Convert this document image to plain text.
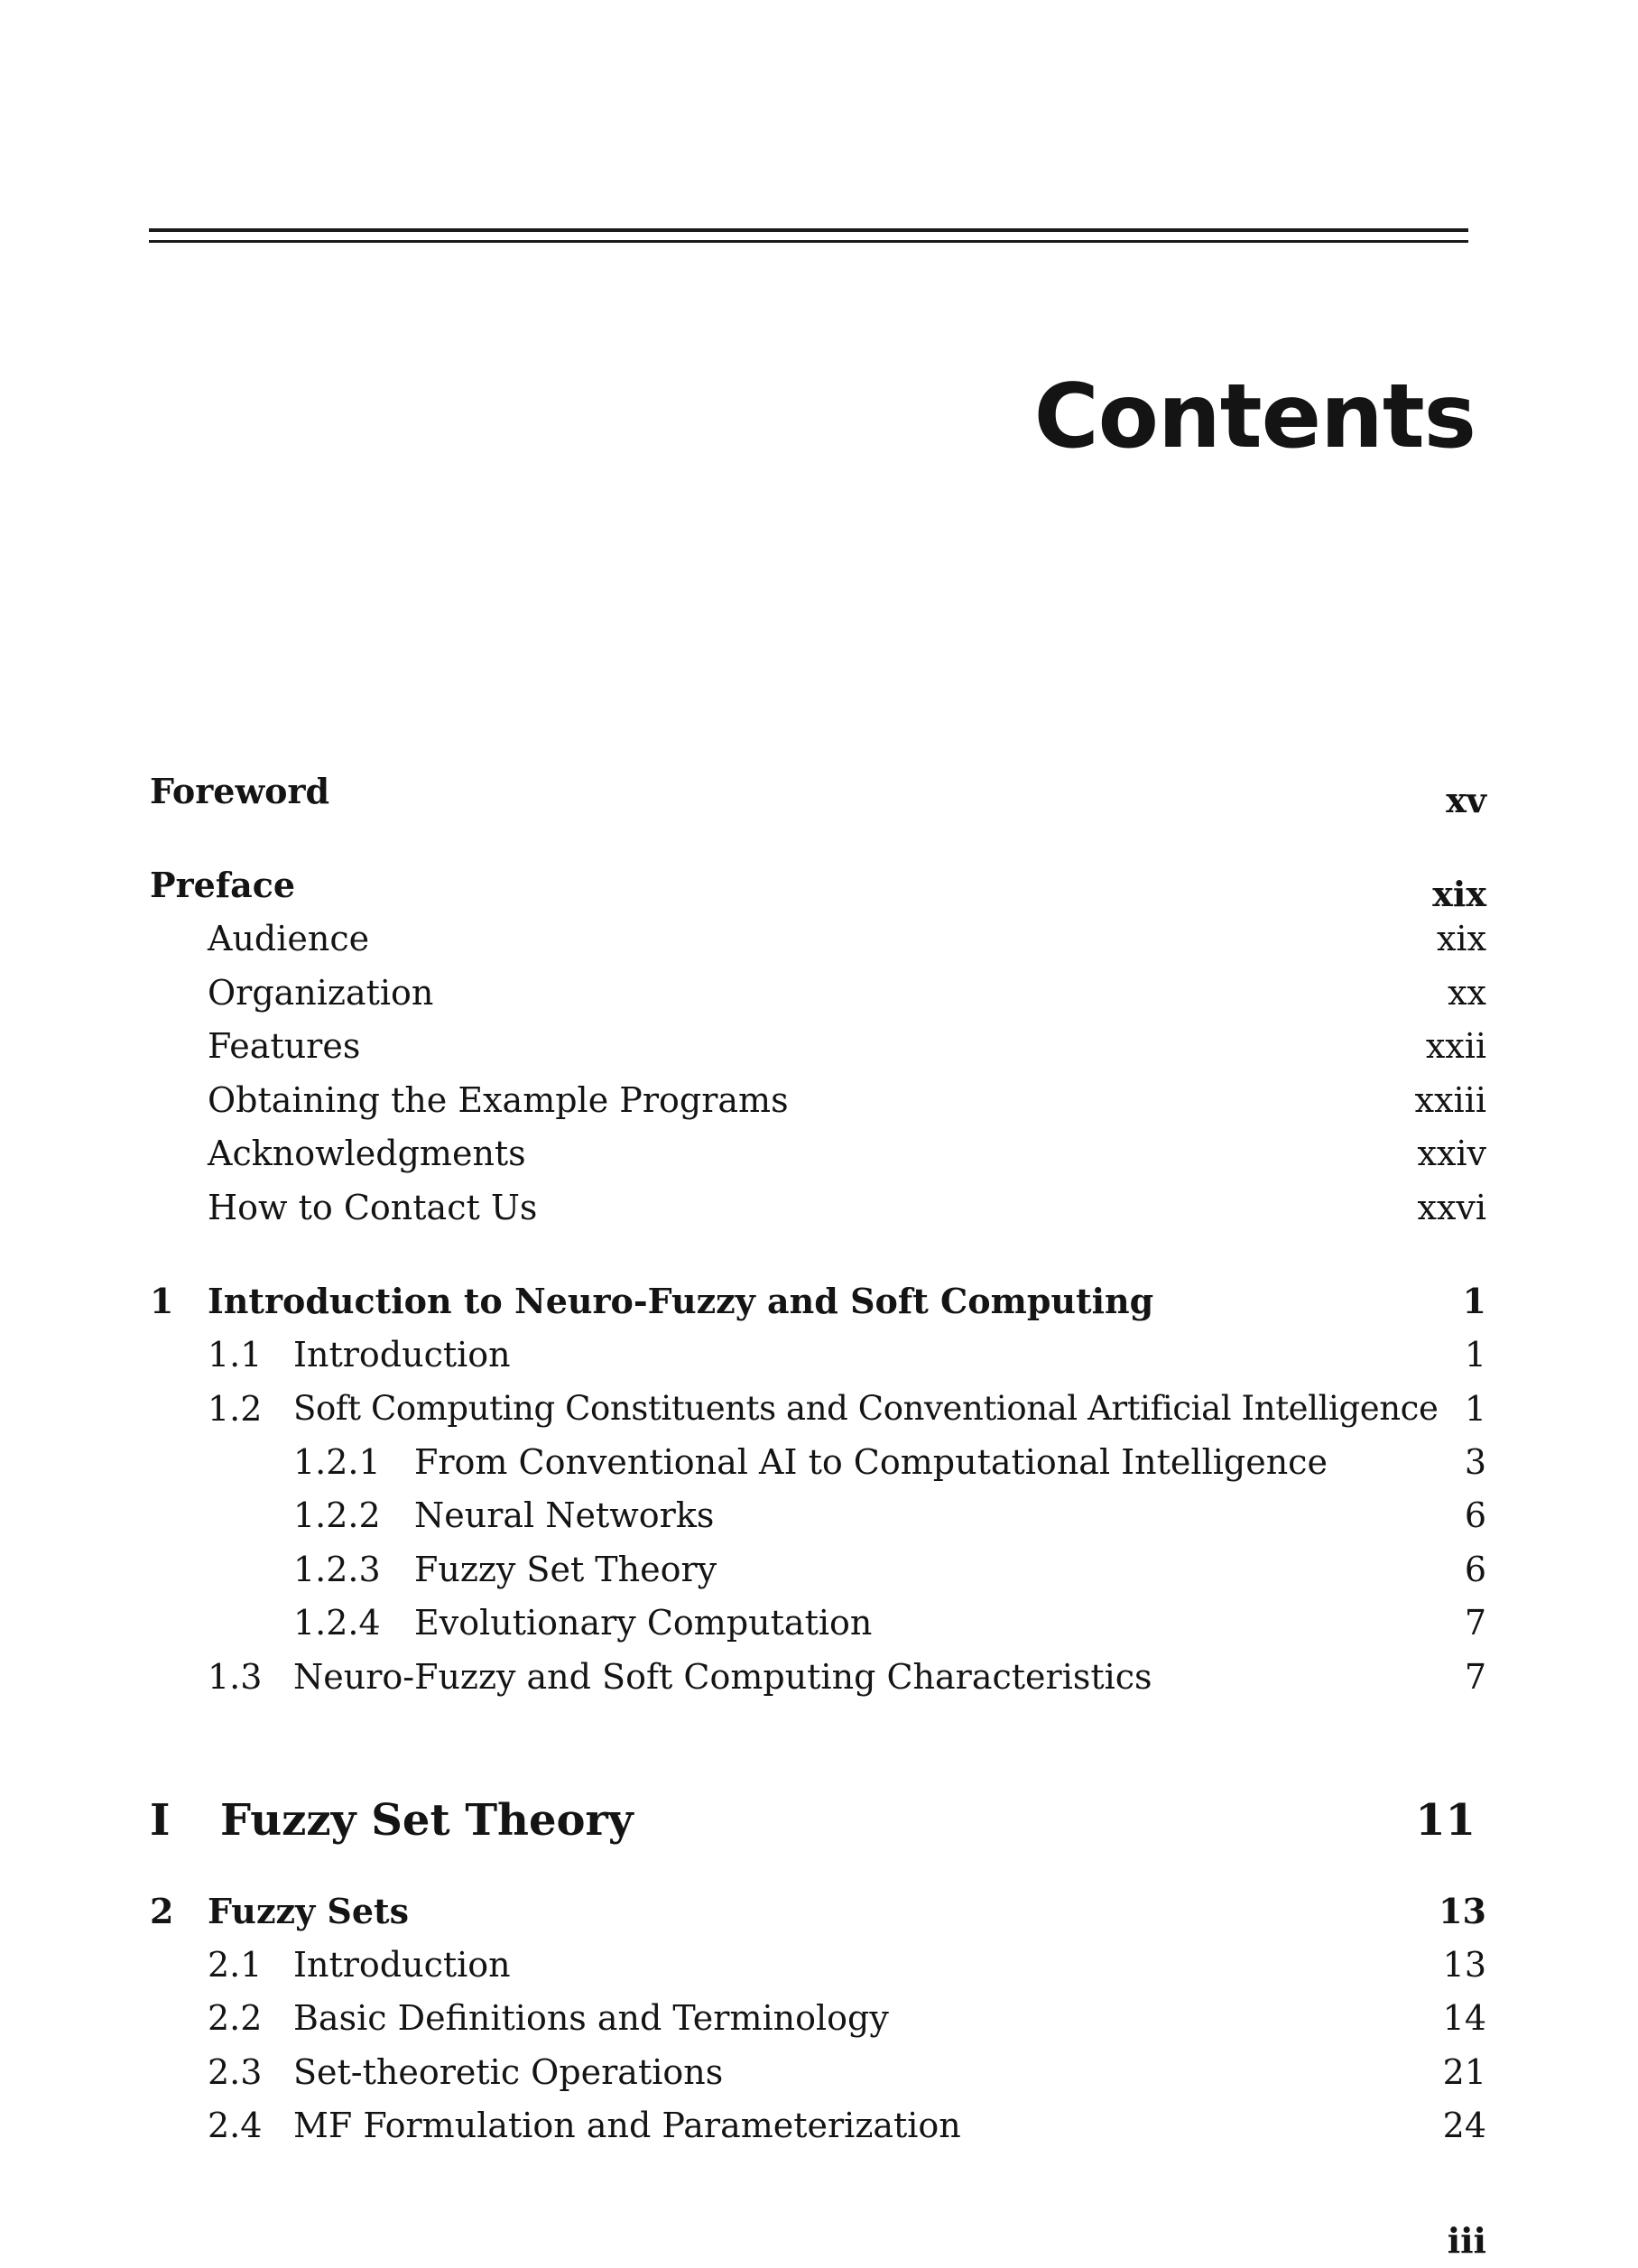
Contents
Foreword	xv
Preface	xix
Audience	xix
Organization	xx
Features	xxii
Obtaining the Example Programs	xxiii
Acknowledgments	xxiv
How to Contact Us	xxvi
1 Introduction to Neuro-Fuzzy and Soft Computing	1
1.1 Introduction	1
1.2 Soft Computing Constituents and Conventional Artificial Intelligence 1
1.2.1 From Conventional AI to Computational Intelligence	3
1.2.2 Neural Networks	6
1.2.3 Fuzzy Set Theory	6
1.2.4 Evolutionary Computation	7
1.3 Neuro-Fuzzy and Soft Computing Characteristics	7
I Fuzzy Set Theory	11
2 Fuzzy Sets	13
2.1 Introduction	13
2.2 Basic Definitions and Terminology	14
2.3 Set-theoretic Operations	21
2.4 MF Formulation and Parameterization	24
iii
